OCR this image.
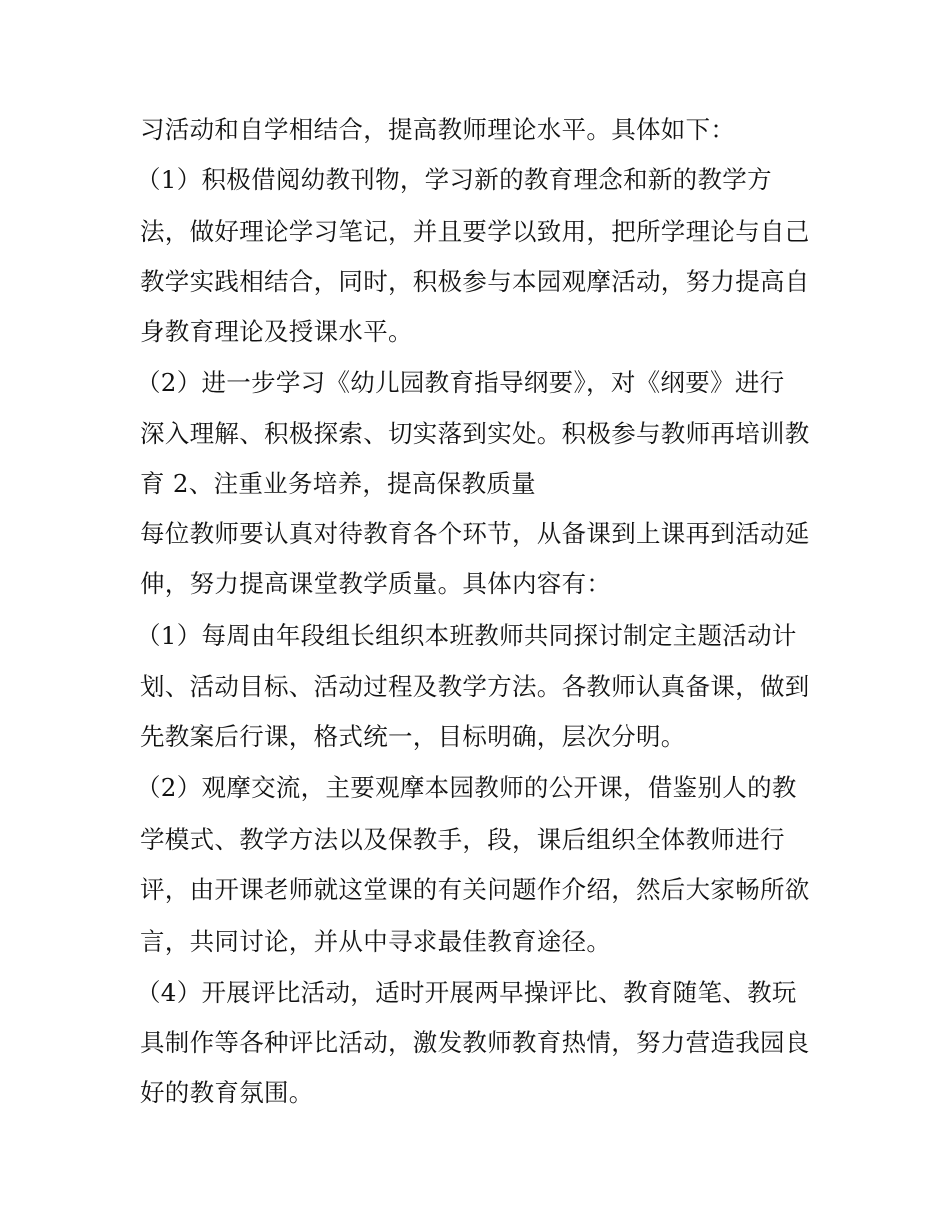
习活动和自学相结合，提高教师理论水平。具体如下：
（1）积极借阅幼教刊物，学习新的教育理念和新的教学方
法，做好理论学习笔记，并且要学以致用，把所学理论与自己
教学实践相结合，同时，积极参与本园观摩活动，努力提高自
身教育理论及授课水平。
（2）进一步学习《幼儿园教育指导纲要》，对《纲要》进行
深入理解、积极探索、切实落到实处。积极参与教师再培训教
育 2、注重业务培养，提高保教质量
每位教师要认真对待教育各个环节，从备课到上课再到活动延
伸，努力提高课堂教学质量。具体内容有：
（1）每周由年段组长组织本班教师共同探讨制定主题活动计
划、活动目标、活动过程及教学方法。各教师认真备课，做到
先教案后行课，格式统一，目标明确，层次分明。
（2）观摩交流，主要观摩本园教师的公开课，借鉴别人的教
学模式、教学方法以及保教手，段，课后组织全体教师进行
评，由开课老师就这堂课的有关问题作介绍，然后大家畅所欲
言，共同讨论，并从中寻求最佳教育途径。
（4）开展评比活动，适时开展两早操评比、教育随笔、教玩
具制作等各种评比活动，激发教师教育热情，努力营造我园良
好的教育氛围。
